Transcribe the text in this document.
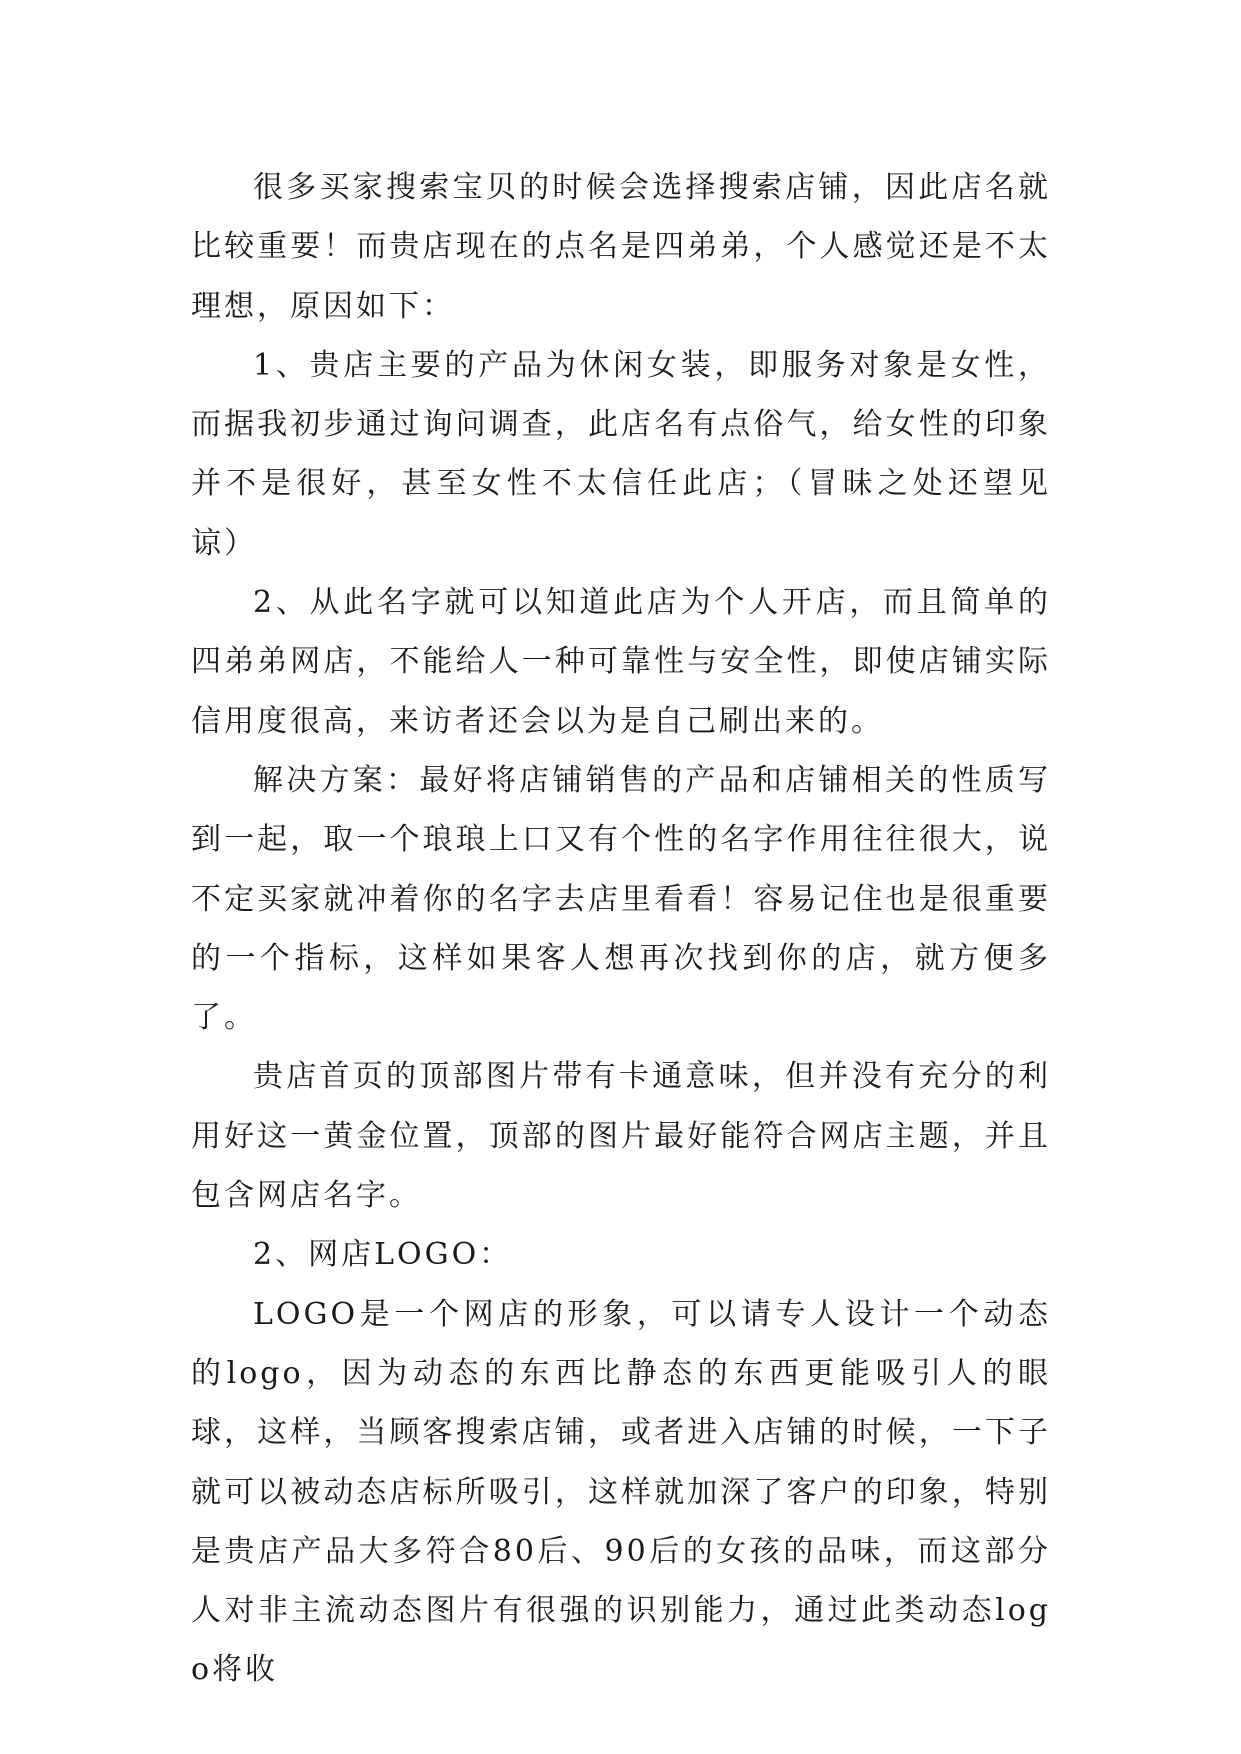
很多买家搜索宝贝的时候会选择搜索店铺，因此店名就比较重要！而贵店现在的点名是四弟弟，个人感觉还是不太理想，原因如下：

1、贵店主要的产品为休闲女装，即服务对象是女性，而据我初步通过询问调查，此店名有点俗气，给女性的印象并不是很好，甚至女性不太信任此店；（冒昧之处还望见谅）

2、从此名字就可以知道此店为个人开店，而且简单的四弟弟网店，不能给人一种可靠性与安全性，即使店铺实际信用度很高，来访者还会以为是自己刷出来的。

解决方案：最好将店铺销售的产品和店铺相关的性质写到一起，取一个琅琅上口又有个性的名字作用往往很大，说不定买家就冲着你的名字去店里看看！容易记住也是很重要的一个指标，这样如果客人想再次找到你的店，就方便多了。

贵店首页的顶部图片带有卡通意味，但并没有充分的利用好这一黄金位置，顶部的图片最好能符合网店主题，并且包含网店名字。

2、网店LOGO：

LOGO是一个网店的形象，可以请专人设计一个动态的logo，因为动态的东西比静态的东西更能吸引人的眼球，这样，当顾客搜索店铺，或者进入店铺的时候，一下子就可以被动态店标所吸引，这样就加深了客户的印象，特别是贵店产品大多符合80后、90后的女孩的品味，而这部分人对非主流动态图片有很强的识别能力，通过此类动态logo将收
